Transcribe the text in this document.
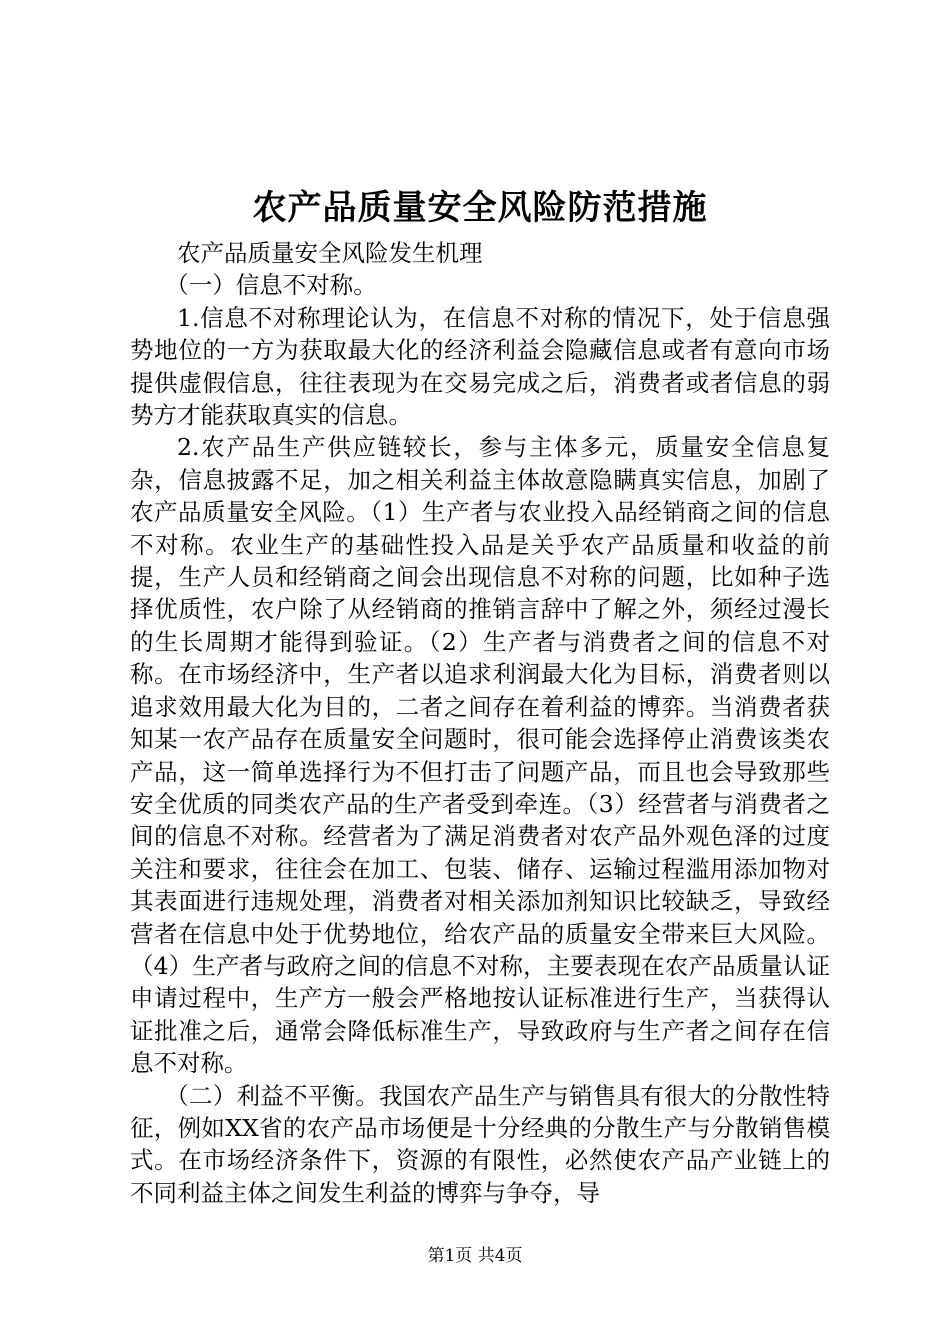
农产品质量安全风险防范措施

农产品质量安全风险发生机理

（一）信息不对称。

1.信息不对称理论认为，在信息不对称的情况下，处于信息强势地位的一方为获取最大化的经济利益会隐藏信息或者有意向市场提供虚假信息，往往表现为在交易完成之后，消费者或者信息的弱势方才能获取真实的信息。

2.农产品生产供应链较长，参与主体多元，质量安全信息复杂，信息披露不足，加之相关利益主体故意隐瞒真实信息，加剧了农产品质量安全风险。（1）生产者与农业投入品经销商之间的信息不对称。农业生产的基础性投入品是关乎农产品质量和收益的前提，生产人员和经销商之间会出现信息不对称的问题，比如种子选择优质性，农户除了从经销商的推销言辞中了解之外，须经过漫长的生长周期才能得到验证。（2）生产者与消费者之间的信息不对称。在市场经济中，生产者以追求利润最大化为目标，消费者则以追求效用最大化为目的，二者之间存在着利益的博弈。当消费者获知某一农产品存在质量安全问题时，很可能会选择停止消费该类农产品，这一简单选择行为不但打击了问题产品，而且也会导致那些安全优质的同类农产品的生产者受到牵连。（3）经营者与消费者之间的信息不对称。经营者为了满足消费者对农产品外观色泽的过度关注和要求，往往会在加工、包装、储存、运输过程滥用添加物对其表面进行违规处理，消费者对相关添加剂知识比较缺乏，导致经营者在信息中处于优势地位，给农产品的质量安全带来巨大风险。（4）生产者与政府之间的信息不对称，主要表现在农产品质量认证申请过程中，生产方一般会严格地按认证标准进行生产，当获得认证批准之后，通常会降低标准生产，导致政府与生产者之间存在信息不对称。

（二）利益不平衡。我国农产品生产与销售具有很大的分散性特征，例如XX省的农产品市场便是十分经典的分散生产与分散销售模式。在市场经济条件下，资源的有限性，必然使农产品产业链上的不同利益主体之间发生利益的博弈与争夺，导

第1页 共4页
